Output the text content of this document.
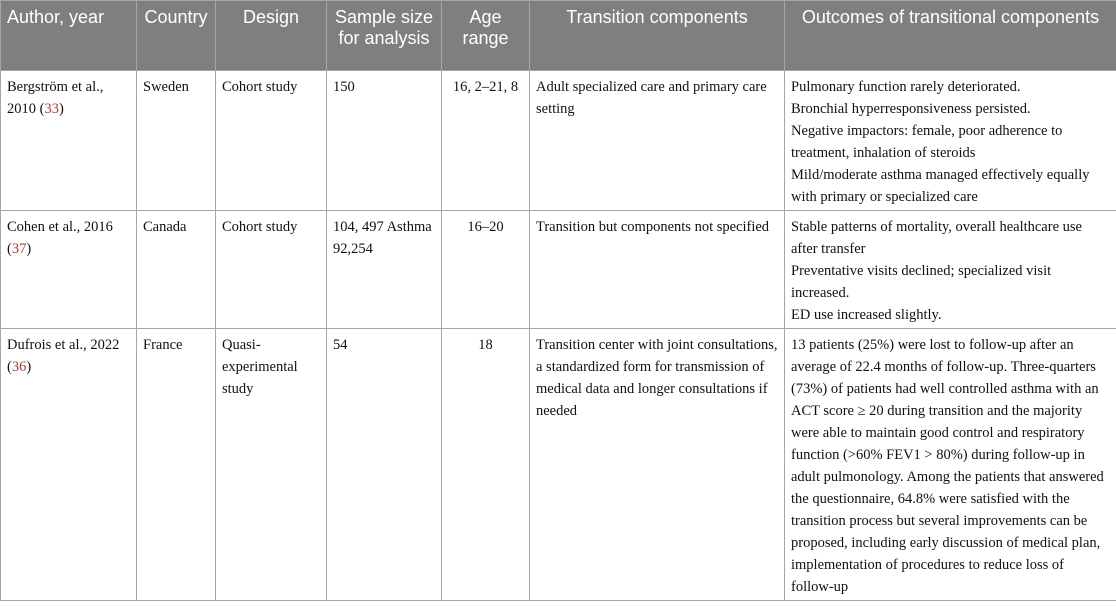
Author, year	Country	Design	Sample size for analysis	Age range	Transition components	Outcomes of transitional components
Bergström et al., 2010 (33)	Sweden	Cohort study	150	16, 2–21, 8	Adult specialized care and primary care setting	Pulmonary function rarely deteriorated.
Bronchial hyperresponsiveness persisted.
Negative impactors: female, poor adherence to treatment, inhalation of steroids
Mild/moderate asthma managed effectively equally with primary or specialized care

Cohen et al., 2016 (37)	Canada	Cohort study	104, 497 Asthma 92,254	16–20	Transition but components not specified	Stable patterns of mortality, overall healthcare use after transfer
Preventative visits declined; specialized visit increased.
ED use increased slightly.

Dufrois et al., 2022 (36)	France	Quasi-experimental study	54	18	Transition center with joint consultations, a standardized form for transmission of medical data and longer consultations if needed	13 patients (25%) were lost to follow-up after an average of 22.4 months of follow-up. Three-quarters (73%) of patients had well controlled asthma with an ACT score ≥ 20 during transition and the majority were able to maintain good control and respiratory function (>60% FEV1 > 80%) during follow-up in adult pulmonology. Among the patients that answered the questionnaire, 64.8% were satisfied with the transition process but several improvements can be proposed, including early discussion of medical plan, implementation of procedures to reduce loss of follow-up
